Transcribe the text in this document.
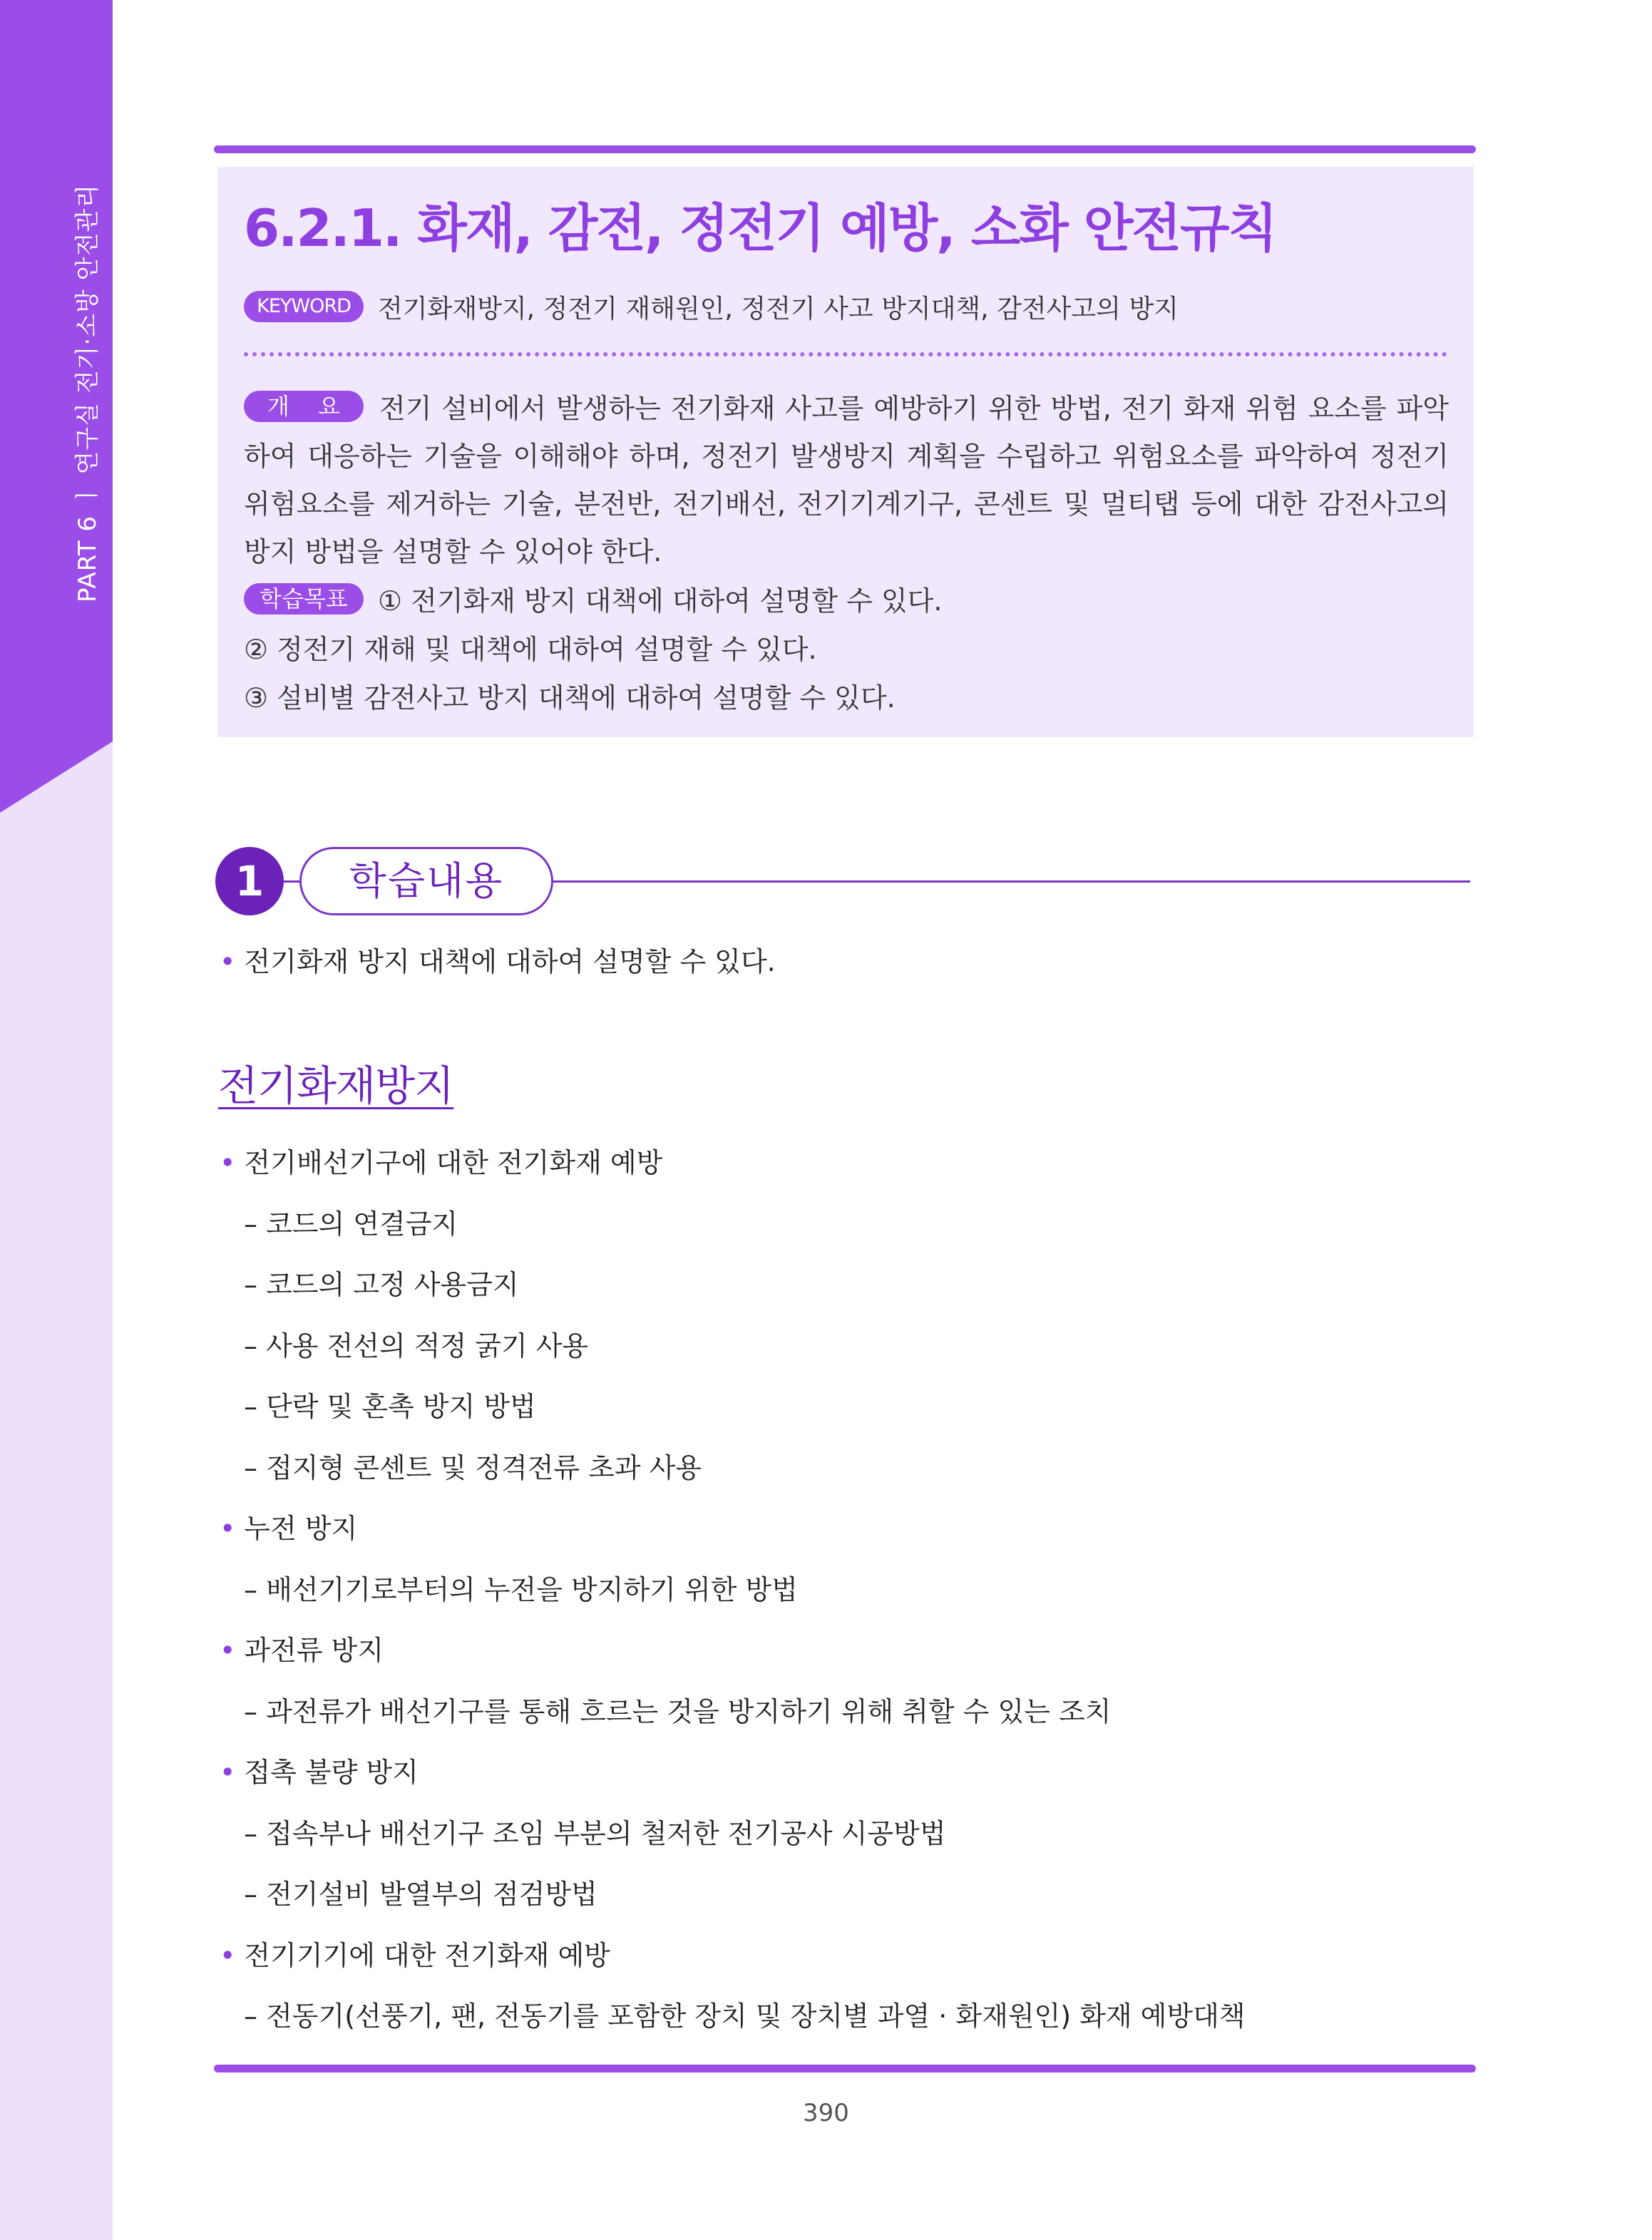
PART 6 ㅣ 연구실 전기·소방 안전관리	6.2.1. 화재, 감전, 정전기 예방, 소화 안전규칙
KEYWORD	전기화재방지, 정전기 재해원인, 정전기 사고 방지대책, 감전사고의 방지
개 요	전기 설비에서 발생하는 전기화재 사고를 예방하기 위한 방법, 전기 화재 위험 요소를 파악하여 대응하는 기술을 이해해야 하며, 정전기 발생방지 계획을 수립하고 위험요소를 파악하여 정전기 위험요소를 제거하는 기술, 분전반, 전기배선, 전기기계기구, 콘센트 및 멀티탭 등에 대한 감전사고의 방지 방법을 설명할 수 있어야 한다.
학습목표	① 전기화재 방지 대책에 대하여 설명할 수 있다.
② 정전기 재해 및 대책에 대하여 설명할 수 있다.
③ 설비별 감전사고 방지 대책에 대하여 설명할 수 있다.
1	학습내용
• 전기화재 방지 대책에 대하여 설명할 수 있다.
전기화재방지
• 전기배선기구에 대한 전기화재 예방
– 코드의 연결금지
– 코드의 고정 사용금지
– 사용 전선의 적정 굵기 사용
– 단락 및 혼촉 방지 방법
– 접지형 콘센트 및 정격전류 초과 사용
• 누전 방지
– 배선기기로부터의 누전을 방지하기 위한 방법
• 과전류 방지
– 과전류가 배선기구를 통해 흐르는 것을 방지하기 위해 취할 수 있는 조치
• 접촉 불량 방지
– 접속부나 배선기구 조임 부분의 철저한 전기공사 시공방법
– 전기설비 발열부의 점검방법
• 전기기기에 대한 전기화재 예방
– 전동기(선풍기, 팬, 전동기를 포함한 장치 및 장치별 과열 · 화재원인) 화재 예방대책
390
